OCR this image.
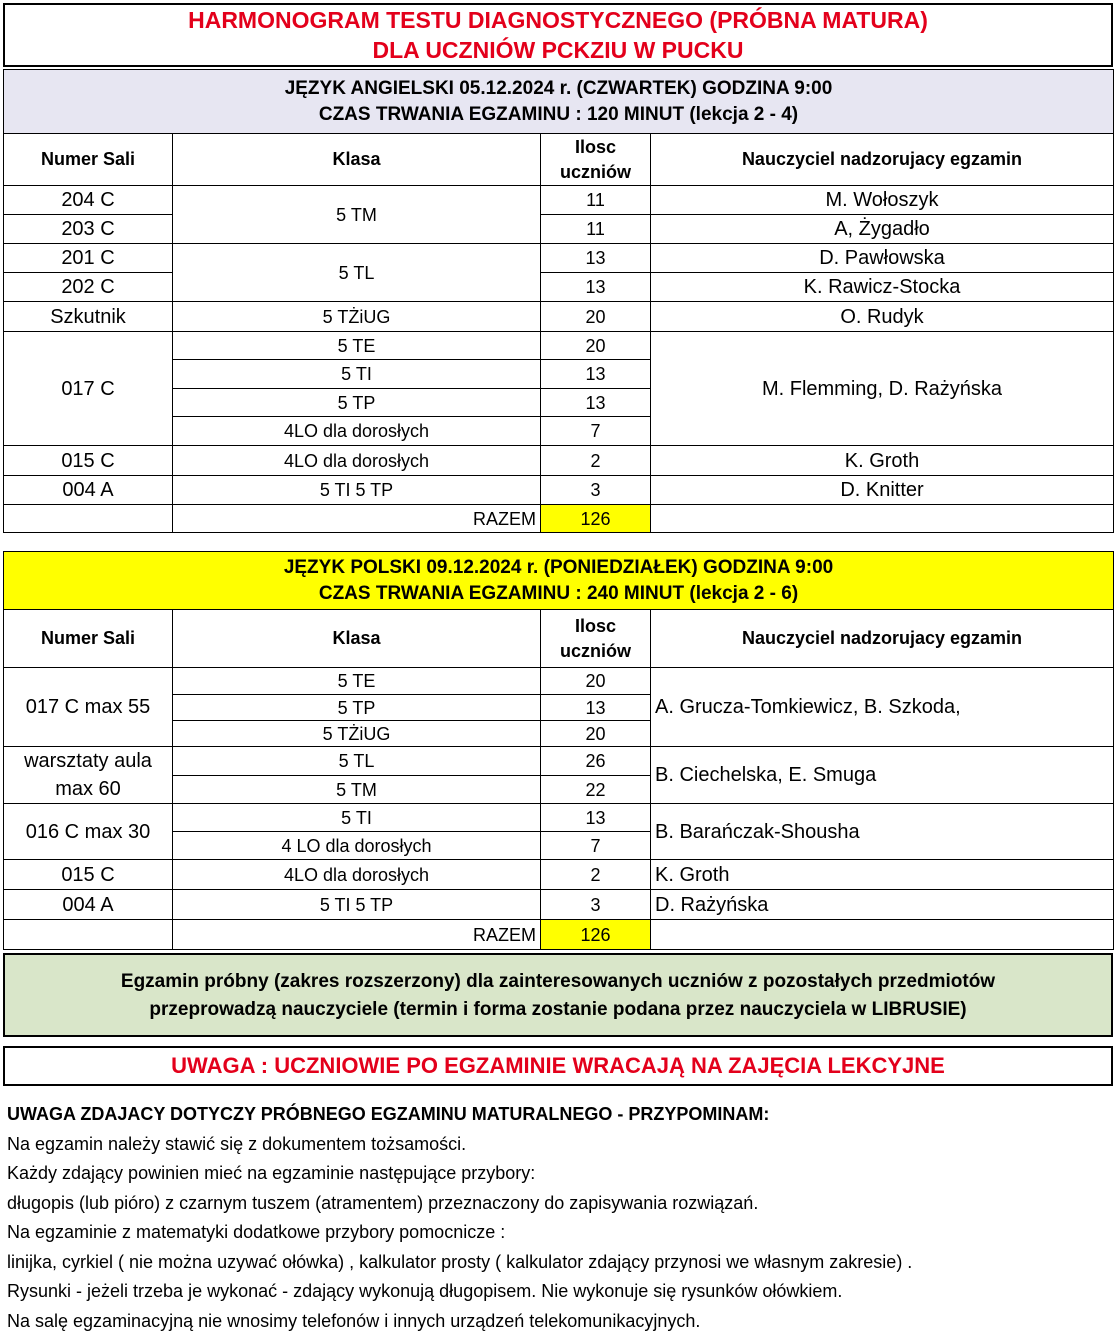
HARMONOGRAM TESTU DIAGNOSTYCZNEGO (PRÓBNA MATURA)
DLA UCZNIÓW PCKZIU W PUCKU
JĘZYK ANGIELSKI 05.12.2024 r. (CZWARTEK) GODZINA 9:00
CZAS TRWANIA EGZAMINU : 120 MINUT (lekcja 2 - 4)			

Numer Sali	Klasa	Ilosc
uczniów	Nauczyciel nadzorujacy egzamin
204 C	5 TM	11	M. Wołoszyk
203 C		11	A, Żygadło
201 C	5 TL	13	D. Pawłowska
202 C		13	K. Rawicz-Stocka
Szkutnik	5 TŻiUG	20	O. Rudyk
017 C	5 TE	20	M. Flemming, D. Rażyńska
	5 TI	13	
	5 TP	13	
	4LO dla dorosłych	7	
015 C	4LO dla dorosłych	2	K. Groth
004 A	5 TI 5 TP	3	D. Knitter
	RAZEM	126	
JĘZYK POLSKI 09.12.2024 r. (PONIEDZIAŁEK) GODZINA 9:00
CZAS TRWANIA EGZAMINU : 240 MINUT (lekcja 2 - 6)			

Numer Sali	Klasa	Ilosc
uczniów	Nauczyciel nadzorujacy egzamin
017 C max 55	5 TE	20	A. Grucza-Tomkiewicz, B. Szkoda,
	5 TP	13	
	5 TŻiUG	20	

warsztaty aula
max 60	5 TL	26	B. Ciechelska, E. Smuga
	5 TM	22	
016 C max 30	5 TI	13	B. Barańczak-Shousha
	4 LO dla dorosłych	7	
015 C	4LO dla dorosłych	2	K. Groth
004 A	5 TI 5 TP	3	D. Rażyńska
	RAZEM	126	
Egzamin próbny (zakres rozszerzony) dla zainteresowanych uczniów z pozostałych przedmiotów
przeprowadzą nauczyciele (termin i forma zostanie podana przez nauczyciela w LIBRUSIE)
UWAGA : UCZNIOWIE PO EGZAMINIE WRACAJĄ NA ZAJĘCIA LEKCYJNE
UWAGA ZDAJACY DOTYCZY PRÓBNEGO EGZAMINU MATURALNEGO - PRZYPOMINAM:
Na egzamin należy stawić się z dokumentem tożsamości.
Każdy zdający powinien mieć na egzaminie następujące przybory:
długopis (lub pióro) z czarnym tuszem (atramentem) przeznaczony do zapisywania rozwiązań.
Na egzaminie z matematyki dodatkowe przybory pomocnicze :
linijka, cyrkiel ( nie można uzywać ołówka) , kalkulator prosty ( kalkulator zdający przynosi we własnym zakresie) .
Rysunki - jeżeli trzeba je wykonać - zdający wykonują długopisem. Nie wykonuje się rysunków ołówkiem.
Na salę egzaminacyjną nie wnosimy telefonów i innych urządzeń telekomunikacyjnych.
